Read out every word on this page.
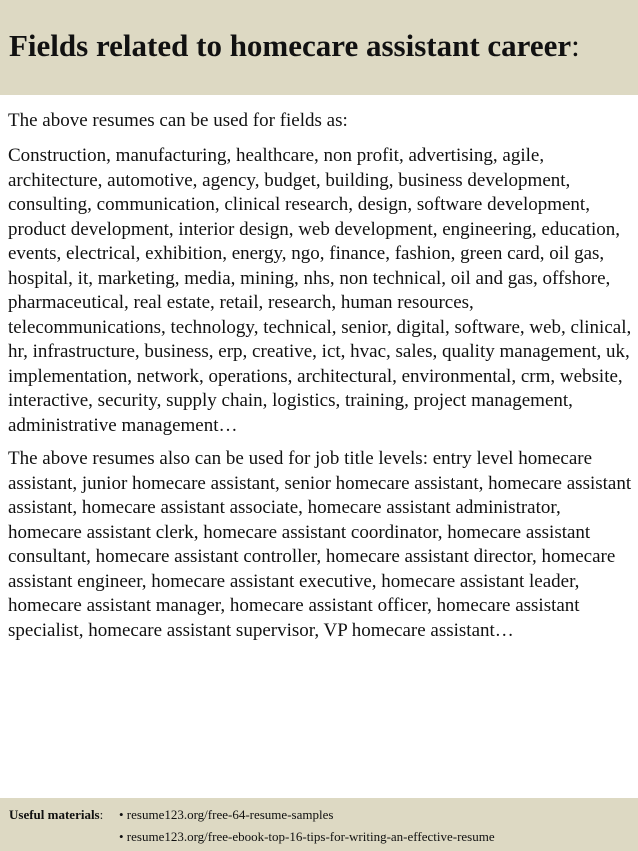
Fields related to homecare assistant career:

The above resumes can be used for fields as:

Construction, manufacturing, healthcare, non profit, advertising, agile, architecture, automotive, agency, budget, building, business development, consulting, communication, clinical research, design, software development, product development, interior design, web development, engineering, education, events, electrical, exhibition, energy, ngo, finance, fashion, green card, oil gas, hospital, it, marketing, media, mining, nhs, non technical, oil and gas, offshore, pharmaceutical, real estate, retail, research, human resources, telecommunications, technology, technical, senior, digital, software, web, clinical, hr, infrastructure, business, erp, creative, ict, hvac, sales, quality management, uk, implementation, network, operations, architectural, environmental, crm, website, interactive, security, supply chain, logistics, training, project management, administrative management…

The above resumes also can be used for job title levels: entry level homecare assistant, junior homecare assistant, senior homecare assistant, homecare assistant assistant, homecare assistant associate, homecare assistant administrator, homecare assistant clerk, homecare assistant coordinator, homecare assistant consultant, homecare assistant controller, homecare assistant director, homecare assistant engineer, homecare assistant executive, homecare assistant leader, homecare assistant manager, homecare assistant officer, homecare assistant specialist, homecare assistant supervisor, VP homecare assistant…

Useful materials: • resume123.org/free-64-resume-samples
• resume123.org/free-ebook-top-16-tips-for-writing-an-effective-resume
